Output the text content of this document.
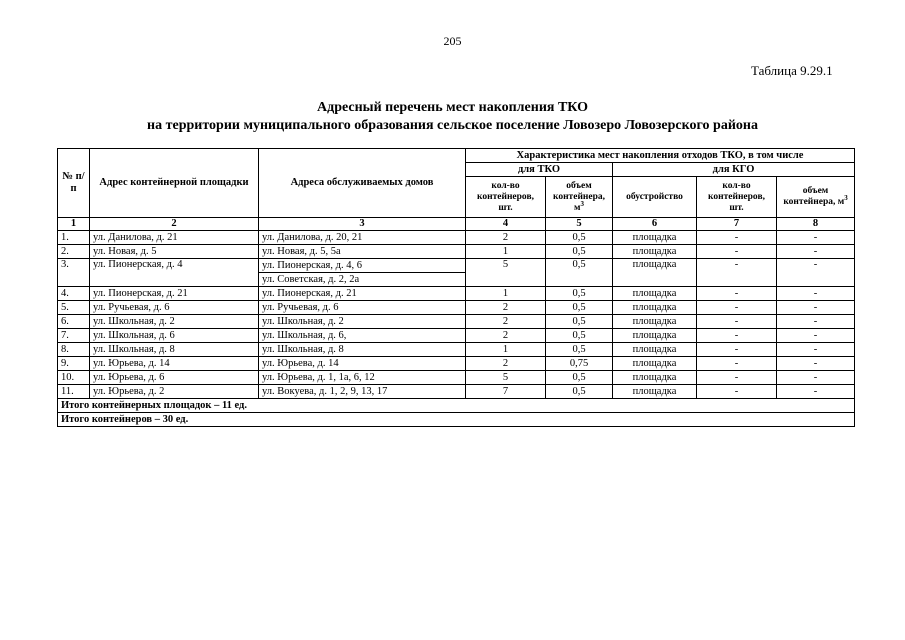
205
Таблица 9.29.1
Адресный перечень мест накопления ТКО
на территории муниципального образования сельское поселение Ловозеро Ловозерского района
№ п/п	Адрес контейнерной площадки	Адреса обслуживаемых домов	Характеристика мест накопления отходов ТКО, в том числе				
			для ТКО		для КГО		
			кол-во контейнеров, шт.	объем контейнера, $м^3$	обустройство	кол-во контейнеров, шт.	объем контейнера, $м^3$
1	2	3	4	5	6	7	8
1.	ул. Данилова, д. 21	ул. Данилова, д. 20, 21	2	0,5	площадка	-	-
2.	ул. Новая, д. 5	ул. Новая, д. 5, 5а	1	0,5	площадка	-	-
3.	ул. Пионерская, д. 4	ул. Пионерская, д. 4, 6	5	0,5	площадка	-	-
		ул. Советская, д. 2, 2а					
4.	ул. Пионерская, д. 21	ул. Пионерская, д. 21	1	0,5	площадка	-	-
5.	ул. Ручьевая, д. 6	ул. Ручьевая, д. 6	2	0,5	площадка	-	-
6.	ул. Школьная, д. 2	ул. Школьная, д. 2	2	0,5	площадка	-	-
7.	ул. Школьная, д. 6	ул. Школьная, д. 6,	2	0,5	площадка	-	-
8.	ул. Школьная, д. 8	ул. Школьная, д. 8	1	0,5	площадка	-	-
9.	ул. Юрьева, д. 14	ул. Юрьева, д. 14	2	0,75	площадка	-	-
10.	ул. Юрьева, д. 6	ул. Юрьева, д. 1, 1а, 6, 12	5	0,5	площадка	-	-
11.	ул. Юрьева, д. 2	ул. Вокуева, д. 1, 2, 9, 13, 17	7	0,5	площадка	-	-
Итого контейнерных площадок – 11 ед.							
Итого контейнеров – 30 ед.							
